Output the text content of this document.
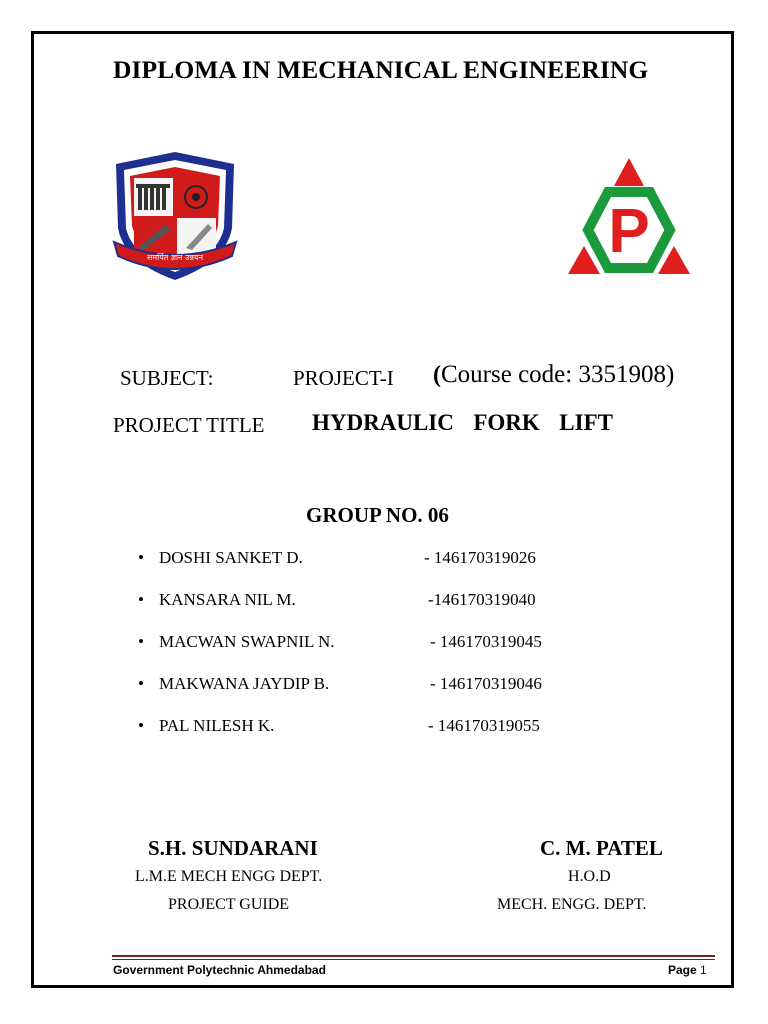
DIPLOMA IN MECHANICAL ENGINEERING
समर्पित ज्ञान उन्नयन	P
SUBJECT:	PROJECT-I (Course code: 3351908)
PROJECT TITLE HYDRAULIC  FORK  LIFT
GROUP NO. 06
• DOSHI SANKET D.	- 146170319026
• KANSARA NIL M.	-146170319040
• MACWAN SWAPNIL N.	- 146170319045
• MAKWANA JAYDIP B.	- 146170319046
• PAL NILESH K.	- 146170319055
S.H. SUNDARANI
L.M.E MECH ENGG DEPT.
PROJECT GUIDE
C. M. PATEL
H.O.D
MECH. ENGG. DEPT.
Government Polytechnic Ahmedabad	Page 1
